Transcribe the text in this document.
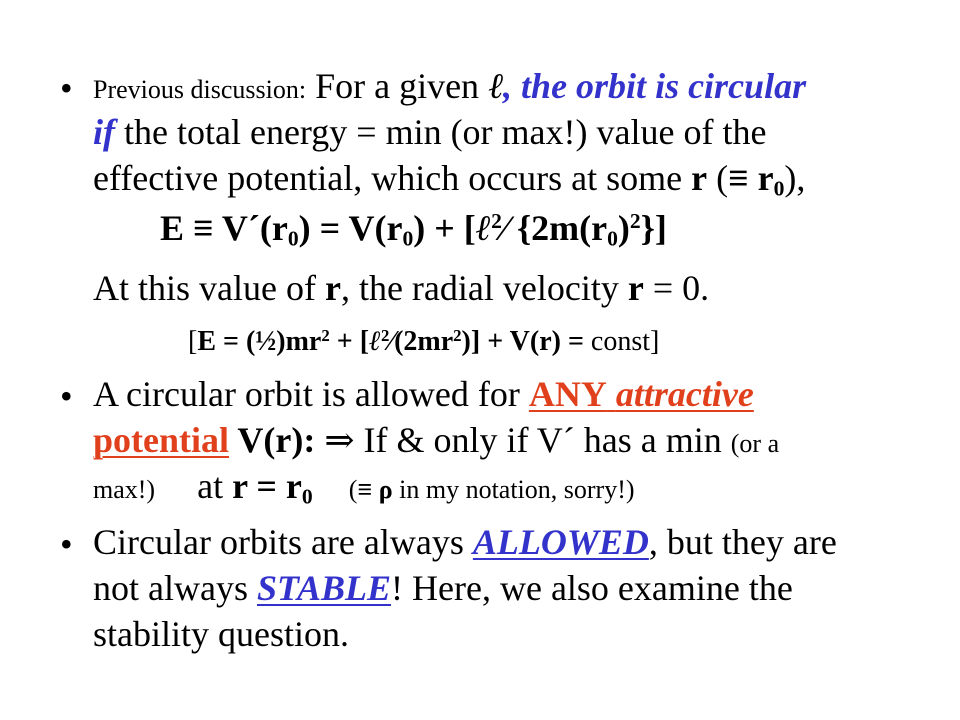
• Previous discussion: For a given ℓ, the orbit is circular
if the total energy = min (or max!) value of the
effective potential, which occurs at some r (≡ $r_0$),
$E \equiv V´(r_0) = V(r_0)$ + [ℓ$^2$⁄ $\{2m(r_0)^2\}$]
At this value of r, the radial velocity r = 0.
[$E = (\frac{1}{2})mr^2$ + $[\ell^2⁄(2mr^2)] + V(r)$ = const]
• A circular orbit is allowed for ANY attractive
potential V(r): ⇒ If & only if V´ has a min (or a
max!) at $r = r_0$ (≡ ρ in my notation, sorry!)
• Circular orbits are always ALLOWED, but they are
not always STABLE! Here, we also examine the
stability question.
